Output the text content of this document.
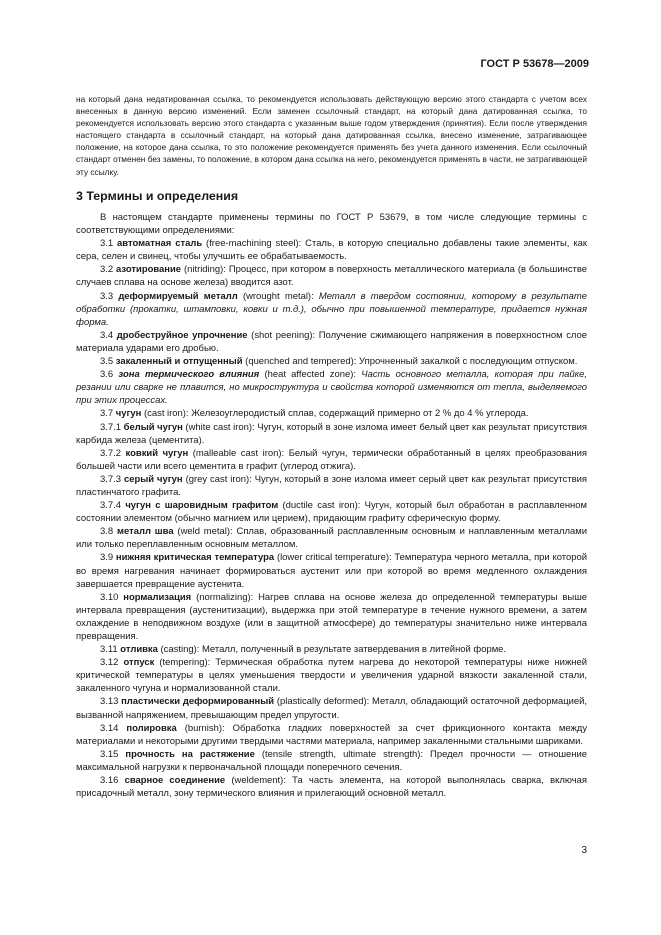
ГОСТ Р 53678—2009
на который дана недатированная ссылка, то рекомендуется использовать действующую версию этого стандарта с учетом всех внесенных в данную версию изменений. Если заменен ссылочный стандарт, на который дана датированная ссылка, то рекомендуется использовать версию этого стандарта с указанным выше годом утверждения (принятия). Если после утверждения настоящего стандарта в ссылочный стандарт, на который дана датированная ссылка, внесено изменение, затрагивающее положение, на которое дана ссылка, то это положение рекомендуется применять без учета данного изменения. Если ссылочный стандарт отменен без замены, то положение, в котором дана ссылка на него, рекомендуется применять в части, не затрагивающей эту ссылку.
3 Термины и определения

В настоящем стандарте применены термины по ГОСТ Р 53679, в том числе следующие термины с соответствующими определениями:

3.1 автоматная сталь (free-machining steel): Сталь, в которую специально добавлены такие элементы, как сера, селен и свинец, чтобы улучшить ее обрабатываемость.

3.2 азотирование (nitriding): Процесс, при котором в поверхность металлического материала (в большинстве случаев сплава на основе железа) вводится азот.

3.3 деформируемый металл (wrought metal): Металл в твердом состоянии, которому в результате обработки (прокатки, штамповки, ковки и т.д.), обычно при повышенной температуре, придается нужная форма.

3.4 дробеструйное упрочнение (shot peening): Получение сжимающего напряжения в поверхностном слое материала ударами его дробью.

3.5 закаленный и отпущенный (quenched and tempered): Упрочненный закалкой с последующим отпуском.

3.6 зона термического влияния (heat affected zone): Часть основного металла, которая при пайке, резании или сварке не плавится, но микроструктура и свойства которой изменяются от тепла, выделяемого при этих процессах.

3.7 чугун (cast iron): Железоуглеродистый сплав, содержащий примерно от 2 % до 4 % углерода.

3.7.1 белый чугун (white cast iron): Чугун, который в зоне излома имеет белый цвет как результат присутствия карбида железа (цементита).

3.7.2 ковкий чугун (malleable cast iron): Белый чугун, термически обработанный в целях преобразования большей части или всего цементита в графит (углерод отжига).

3.7.3 серый чугун (grey cast iron): Чугун, который в зоне излома имеет серый цвет как результат присутствия пластинчатого графита.

3.7.4 чугун с шаровидным графитом (ductile cast iron): Чугун, который был обработан в расплавленном состоянии элементом (обычно магнием или церием), придающим графиту сферическую форму.

3.8 металл шва (weld metal): Сплав, образованный расплавленным основным и наплавленным металлами или только переплавленным основным металлом.

3.9 нижняя критическая температура (lower critical temperature): Температура черного металла, при которой во время нагревания начинает формироваться аустенит или при которой во время медленного охлаждения завершается превращение аустенита.

3.10 нормализация (normalizing): Нагрев сплава на основе железа до определенной температуры выше интервала превращения (аустенитизации), выдержка при этой температуре в течение нужного времени, а затем охлаждение в неподвижном воздухе (или в защитной атмосфере) до температуры значительно ниже интервала превращения.

3.11 отливка (casting): Металл, полученный в результате затвердевания в литейной форме.

3.12 отпуск (tempering): Термическая обработка путем нагрева до некоторой температуры ниже нижней критической температуры в целях уменьшения твердости и увеличения ударной вязкости закаленной стали, закаленного чугуна и нормализованной стали.

3.13 пластически деформированный (plastically deformed): Металл, обладающий остаточной деформацией, вызванной напряжением, превышающим предел упругости.

3.14 полировка (burnish): Обработка гладких поверхностей за счет фрикционного контакта между материалами и некоторыми другими твердыми частями материала, например закаленными стальными шариками.

3.15 прочность на растяжение (tensile strength, ultimate strength): Предел прочности — отношение максимальной нагрузки к первоначальной площади поперечного сечения.

3.16 сварное соединение (weldement): Та часть элемента, на которой выполнялась сварка, включая присадочный металл, зону термического влияния и прилегающий основной металл.

3
